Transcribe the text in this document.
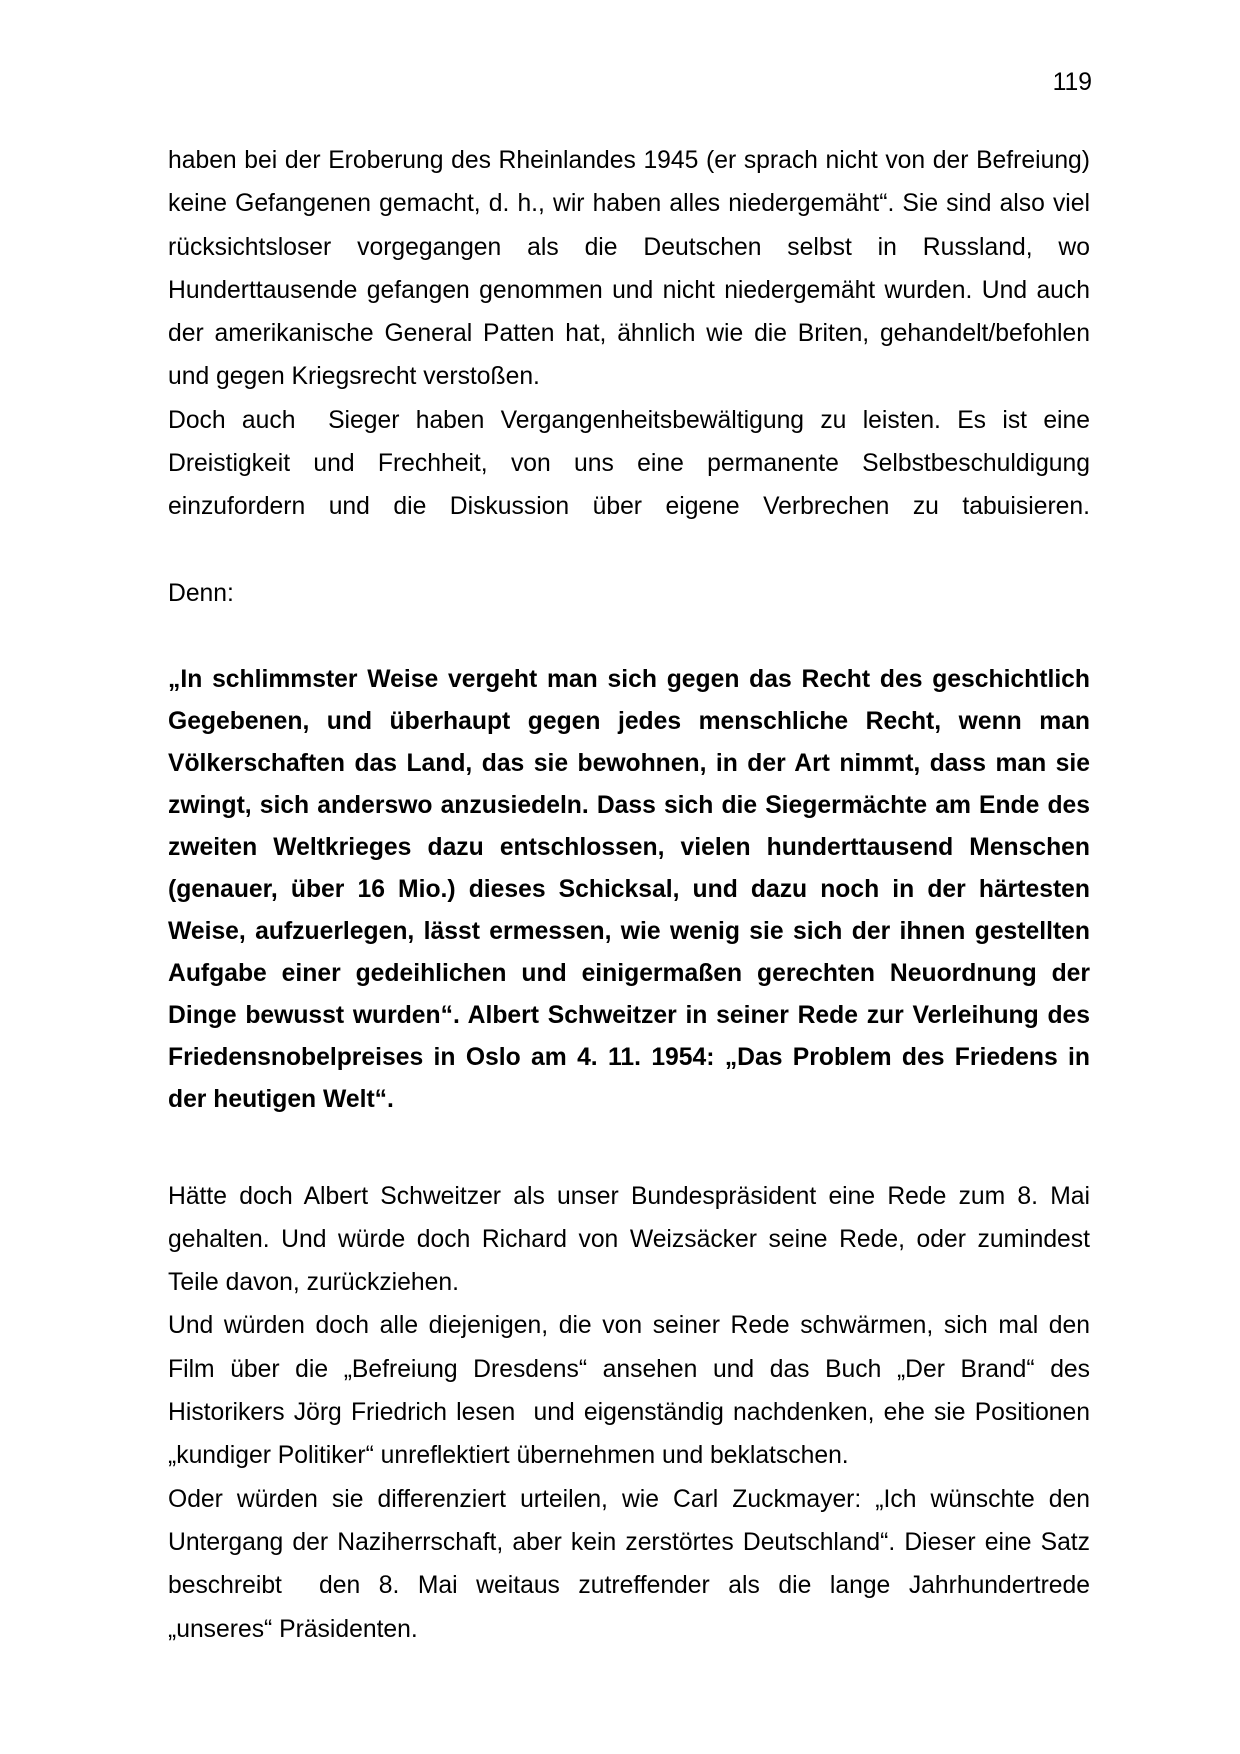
119
haben bei der Eroberung des Rheinlandes 1945 (er sprach nicht von der Befreiung)
keine Gefangenen gemacht, d. h., wir haben alles niedergemäht“. Sie sind also viel
rücksichtsloser vorgegangen als die Deutschen selbst in Russland, wo
Hunderttausende gefangen genommen und nicht niedergemäht wurden. Und auch
der amerikanische General Patten hat, ähnlich wie die Briten, gehandelt/befohlen
und gegen Kriegsrecht verstoßen.
Doch auch  Sieger haben Vergangenheitsbewältigung zu leisten. Es ist eine
Dreistigkeit und Frechheit, von uns eine permanente Selbstbeschuldigung
einzufordern und die Diskussion über eigene Verbrechen zu tabuisieren.
Denn:
„In schlimmster Weise vergeht man sich gegen das Recht des geschichtlich
Gegebenen, und überhaupt gegen jedes menschliche Recht, wenn man
Völkerschaften das Land, das sie bewohnen, in der Art nimmt, dass man sie
zwingt, sich anderswo anzusiedeln. Dass sich die Siegermächte am Ende des
zweiten Weltkrieges dazu entschlossen, vielen hunderttausend Menschen
(genauer, über 16 Mio.) dieses Schicksal, und dazu noch in der härtesten
Weise, aufzuerlegen, lässt ermessen, wie wenig sie sich der ihnen gestellten
Aufgabe einer gedeihlichen und einigermaßen gerechten Neuordnung der
Dinge bewusst wurden“. Albert Schweitzer in seiner Rede zur Verleihung des
Friedensnobelpreises in Oslo am 4. 11. 1954: „Das Problem des Friedens in
der heutigen Welt“.
Hätte doch Albert Schweitzer als unser Bundespräsident eine Rede zum 8. Mai
gehalten. Und würde doch Richard von Weizsäcker seine Rede, oder zumindest
Teile davon, zurückziehen.
Und würden doch alle diejenigen, die von seiner Rede schwärmen, sich mal den
Film über die „Befreiung Dresdens“ ansehen und das Buch „Der Brand“ des
Historikers Jörg Friedrich lesen  und eigenständig nachdenken, ehe sie Positionen
„kundiger Politiker“ unreflektiert übernehmen und beklatschen.
Oder würden sie differenziert urteilen, wie Carl Zuckmayer: „Ich wünschte den
Untergang der Naziherrschaft, aber kein zerstörtes Deutschland“. Dieser eine Satz
beschreibt  den 8. Mai weitaus zutreffender als die lange Jahrhundertrede
„unseres“ Präsidenten.
